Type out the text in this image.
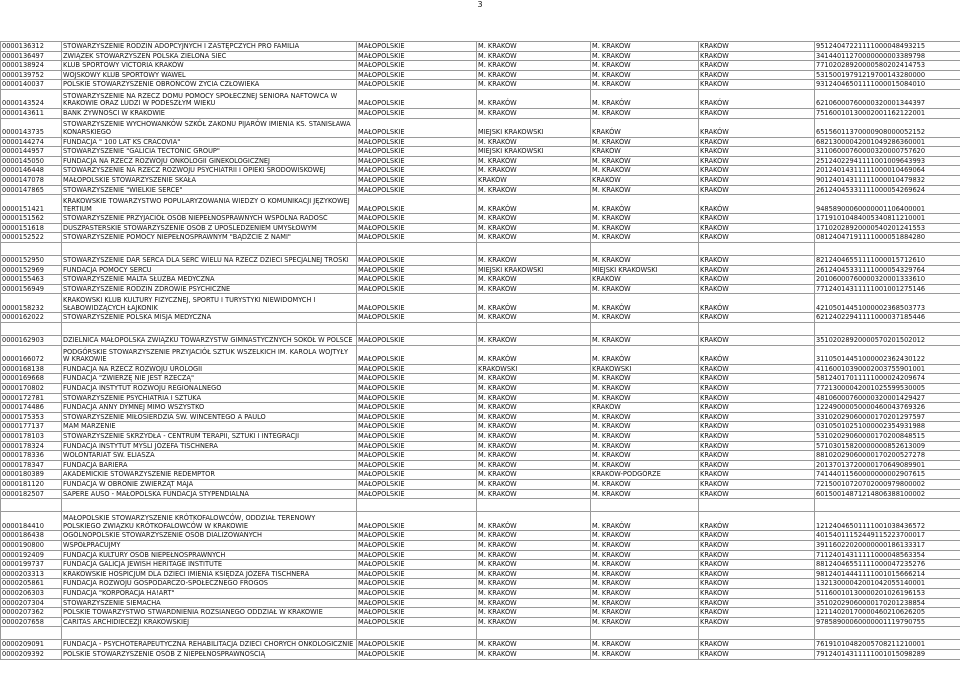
3
0000136312	STOWARZYSZENIE RODZIN ADOPCYJNYCH I ZASTĘPCZYCH PRO FAMILIA	MAŁOPOLSKIE	M. KRAKÓW	M. KRAKÓW	KRAKÓW	95124047221111000048493215
0000136497	ZWIĄZEK STOWARZYSZEŃ POLSKA ZIELONA SIEĆ	MAŁOPOLSKIE	M. KRAKÓW	M. KRAKÓW	KRAKÓW	34144011270000000003389798
0000138924	KLUB SPORTOWY VICTORIA KRAKÓW	MAŁOPOLSKIE	M. KRAKÓW	M. KRAKÓW	KRAKÓW	77102028920000580202414753
0000139752	WOJSKOWY KLUB SPORTOWY WAWEL	MAŁOPOLSKIE	M. KRAKÓW	M. KRAKÓW	KRAKÓW	53150019791219700143280000
0000140037	POLSKIE STOWARZYSZENIE OBROŃCÓW ŻYCIA CZŁOWIEKA	MAŁOPOLSKIE	M. KRAKÓW	M. KRAKÓW	KRAKÓW	93124046501111000015084010
0000143524	STOWARZYSZENIE NA RZECZ DOMU POMOCY SPOŁECZNEJ SENIORA NAFTOWCA W KRAKOWIE ORAZ LUDZI W PODESZŁYM WIEKU	MAŁOPOLSKIE	M. KRAKÓW	M. KRAKÓW	KRAKÓW	62106000760000320001344397
0000143611	BANK ŻYWNOŚCI W KRAKOWIE	MAŁOPOLSKIE	M. KRAKÓW	M. KRAKÓW	KRAKÓW	75160010130002001162122001
0000143735	STOWARZYSZENIE WYCHOWANKÓW SZKÓŁ ZAKONU PIJARÓW IMIENIA KS. STANISŁAWA KONARSKIEGO	MAŁOPOLSKIE	MIEJSKI KRAKOWSKI	KRAKÓW	KRAKÓW	65156011370000908000052152
0000144274	FUNDACJA " 100 LAT KS CRACOVIA"	MAŁOPOLSKIE	M. KRAKÓW	M. KRAKÓW	KRAKÓW	68213000042001049286360001
0000144957	STOWARZYSZENIE "GALICIA TECTONIC GROUP"	MAŁOPOLSKIE	MIEJSKI KRAKOWSKI	KRAKÓW	KRAKÓW	31106000760000320000757620
0000145050	FUNDACJA NA RZECZ ROZWOJU ONKOLOGII GINEKOLOGICZNEJ	MAŁOPOLSKIE	M. KRAKÓW	M. KRAKÓW	KRAKÓW	25124022941111001009643993
0000146448	STOWARZYSZENIE NA RZECZ ROZWOJU PSYCHIATRII I OPIEKI ŚRODOWISKOWEJ	MAŁOPOLSKIE	M. KRAKÓW	M. KRAKÓW	KRAKÓW	20124014311111000010469064
0000147078	MAŁOPOLSKIE STOWARZYSZENIE SKAŁA	MAŁOPOLSKIE	KRAKÓW	KRAKÓW	KRAKÓW	90124014311111000010479832
0000147865	STOWARZYSZENIE "WIELKIE SERCE"	MAŁOPOLSKIE	M. KRAKÓW	M. KRAKÓW	KRAKÓW	26124045331111000054269624
0000151421	KRAKOWSKIE TOWARZYSTWO POPULARYZOWANIA WIEDZY O KOMUNIKACJI JĘZYKOWEJ TERTIUM	MAŁOPOLSKIE	M. KRAKÓW	M. KRAKÓW	KRAKÓW	94858900060000001106400001
0000151562	STOWARZYSZENIE PRZYJACIÓŁ OSÓB NIEPEŁNOSPRAWNYCH WSPÓLNA RADOŚĆ	MAŁOPOLSKIE	M. KRAKÓW	M. KRAKÓW	KRAKÓW	17191010484005340811210001
0000151618	DUSZPASTERSKIE STOWARZYSZENIE OSÓB Z UPOŚLEDZENIEM UMYSŁOWYM	MAŁOPOLSKIE	M. KRAKÓW	M. KRAKÓW	KRAKÓW	17102028920000540201241553
0000152522	STOWARZYSZENIE POMOCY NIEPEŁNOSPRAWNYM "BĄDŹCIE Z NAMI"	MAŁOPOLSKIE	M. KRAKÓW	M. KRAKÓW	KRAKÓW	08124047191111000051884280

0000152950	STOWARZYSZENIE DAR SERCA DLA SERC WIELU NA RZECZ DZIECI SPECJALNEJ TROSKI	MAŁOPOLSKIE	M. KRAKÓW	M. KRAKÓW	KRAKÓW	82124046551111000015712610
0000152969	FUNDACJA POMOCY SERCU	MAŁOPOLSKIE	MIEJSKI KRAKOWSKI	MIEJSKI KRAKOWSKI	KRAKÓW	26124045331111000054329764
0000155463	STOWARZYSZENIE MALTA SŁUŻBA MEDYCZNA	MAŁOPOLSKIE	M. KRAKÓW	KRAKÓW	KRAKÓW	20106000760000320001333610
0000156949	STOWARZYSZENIE RODZIN ZDROWIE PSYCHICZNE	MAŁOPOLSKIE	M. KRAKÓW	M. KRAKÓW	KRAKÓW	77124014311111001001275146
0000158232	KRAKOWSKI KLUB KULTURY FIZYCZNEJ, SPORTU I TURYSTYKI NIEWIDOMYCH I SŁABOWIDZĄCYCH ŁAJKONIK	MAŁOPOLSKIE	M. KRAKÓW	M. KRAKÓW	KRAKÓW	42105014451000002368503773
0000162022	STOWARZYSZENIE POLSKA MISJA MEDYCZNA	MAŁOPOLSKIE	M. KRAKÓW	M. KRAKÓW	KRAKÓW	62124022941111000037185446

0000162903	DZIELNICA MAŁOPOLSKA ZWIĄZKU TOWARZYSTW GIMNASTYCZNYCH SOKÓŁ W POLSCE	MAŁOPOLSKIE	M. KRAKÓW	M. KRAKÓW	KRAKÓW	35102028920000570201502012
0000166072	PODGÓRSKIE STOWARZYSZENIE PRZYJACIÓŁ SZTUK WSZELKICH IM. KAROLA WOJTYŁY W KRAKOWIE	MAŁOPOLSKIE	M. KRAKÓW	M. KRAKÓW	KRAKÓW	31105014451000002362430122
0000168138	FUNDACJA NA RZECZ ROZWOJU UROLOGII	MAŁOPOLSKIE	KRAKOWSKI	KRAKOWSKI	KRAKÓW	41160010390002003755901001
0000169668	FUNDACJA "ZWIERZĘ NIE JEST RZECZĄ"	MAŁOPOLSKIE	M. KRAKÓW	M. KRAKÓW	KRAKÓW	58124017011111000024209674
0000170802	FUNDACJA INSTYTUT ROZWOJU REGIONALNEGO	MAŁOPOLSKIE	M. KRAKÓW	M. KRAKÓW	KRAKÓW	77213000042001025599530005
0000172781	STOWARZYSZENIE PSYCHIATRIA I SZTUKA	MAŁOPOLSKIE	M. KRAKÓW	M. KRAKÓW	KRAKÓW	48106000760000320001429427
0000174486	FUNDACJA ANNY DYMNEJ MIMO WSZYSTKO	MAŁOPOLSKIE	M. KRAKÓW	KRAKÓW	KRAKÓW	12249000050000460043769326
0000175353	STOWARZYSZENIE MIŁOSIERDZIA ŚW. WINCENTEGO A PAULO	MAŁOPOLSKIE	M. KRAKÓW	M. KRAKÓW	KRAKÓW	33102029060000170201297597
0000177137	MAM MARZENIE	MAŁOPOLSKIE	M. KRAKÓW	M. KRAKÓW	KRAKÓW	03105010251000002354931988
0000178103	STOWARZYSZENIE SKRZYDŁA - CENTRUM TERAPII, SZTUKI I INTEGRACJI	MAŁOPOLSKIE	M. KRAKÓW	M. KRAKÓW	KRAKÓW	53102029060000170200848515
0000178324	FUNDACJA INSTYTUT MYŚLI JÓZEFA TISCHNERA	MAŁOPOLSKIE	M. KRAKÓW	M. KRAKÓW	KRAKÓW	57103015820000000852613009
0000178336	WOLONTARIAT ŚW. ELIASZA	MAŁOPOLSKIE	M. KRAKÓW	M. KRAKÓW	KRAKÓW	88102029060000170200527278
0000178347	FUNDACJA BARIERA	MAŁOPOLSKIE	M. KRAKÓW	M. KRAKÓW	KRAKÓW	20137013720000170649089901
0000180389	AKADEMICKIE STOWARZYSZENIE REDEMPTOR	MAŁOPOLSKIE	M. KRAKÓW	KRAKÓW-PODGÓRZE	KRAKÓW	74144011560000000002907615
0000181120	FUNDACJA W OBRONIE ZWIERZĄT MAJA	MAŁOPOLSKIE	M. KRAKÓW	M. KRAKÓW	KRAKÓW	72150010720702000979800002
0000182507	SAPERE AUSO - MAŁOPOLSKA FUNDACJA STYPENDIALNA	MAŁOPOLSKIE	M. KRAKÓW	M. KRAKÓW	KRAKÓW	60150014871214806388100002

0000184410	MAŁOPOLSKIE STOWARZYSZENIE KRÓTKOFALOWCÓW, ODDZIAŁ TERENOWY POLSKIEGO ZWIĄZKU KRÓTKOFALOWCÓW W KRAKOWIE	MAŁOPOLSKIE	M. KRAKÓW	M. KRAKÓW	KRAKÓW	12124046501111001038436572
0000186438	OGÓLNOPOLSKIE STOWARZYSZENIE OSÓB DIALIZOWANYCH	MAŁOPOLSKIE	M. KRAKÓW	M. KRAKÓW	KRAKÓW	40154011152449115223700017
0000190800	WSPÓŁPRACUJMY	MAŁOPOLSKIE	M. KRAKÓW	M. KRAKÓW	KRAKÓW	39116022020000000186133317
0000192409	FUNDACJA KULTURY OSÓB NIEPEŁNOSPRAWNYCH	MAŁOPOLSKIE	M. KRAKÓW	M. KRAKÓW	KRAKÓW	71124014311111000048563354
0000199737	FUNDACJA GALICJA JEWISH HERITAGE INSTITUTE	MAŁOPOLSKIE	M. KRAKÓW	M. KRAKÓW	KRAKÓW	88124046551111000047235276
0000203313	KRAKOWSKIE HOSPICJUM DLA DZIECI IMIENIA KSIĘDZA JÓZEFA TISCHNERA	MAŁOPOLSKIE	M. KRAKÓW	M. KRAKÓW	KRAKÓW	98124014441111001015666214
0000205861	FUNDACJA ROZWOJU GOSPODARCZO-SPOŁECZNEGO FROGOS	MAŁOPOLSKIE	M. KRAKÓW	M. KRAKÓW	KRAKÓW	13213000042001042055140001
0000206303	FUNDACJA "KORPORACJA HA!ART"	MAŁOPOLSKIE	M. KRAKÓW	M. KRAKÓW	KRAKÓW	51160010130000201026196153
0000207304	STOWARZYSZENIE SIEMACHA	MAŁOPOLSKIE	M. KRAKÓW	M. KRAKÓW	KRAKÓW	35102029060000170201238854
0000207362	POLSKIE TOWARZYSTWO STWARDNIENIA ROZSIANEGO ODDZIAŁ W KRAKOWIE	MAŁOPOLSKIE	M. KRAKÓW	M. KRAKÓW	KRAKÓW	12114020170000460210626205
0000207658	CARITAS ARCHIDIECEZJI KRAKOWSKIEJ	MAŁOPOLSKIE	M. KRAKÓW	M. KRAKÓW	KRAKÓW	97858900060000001119790755

0000209091	FUNDACJA - PSYCHOTERAPEUTYCZNA REHABILITACJA DZIECI CHORYCH ONKOLOGICZNIE	MAŁOPOLSKIE	M. KRAKÓW	M. KRAKÓW	KRAKÓW	76191010482005708211210001
0000209392	POLSKIE STOWARZYSZENIE OSÓB Z NIEPEŁNOSPRAWNOŚCIĄ	MAŁOPOLSKIE	M. KRAKÓW	M. KRAKÓW	KRAKÓW	79124014311111001015098289
